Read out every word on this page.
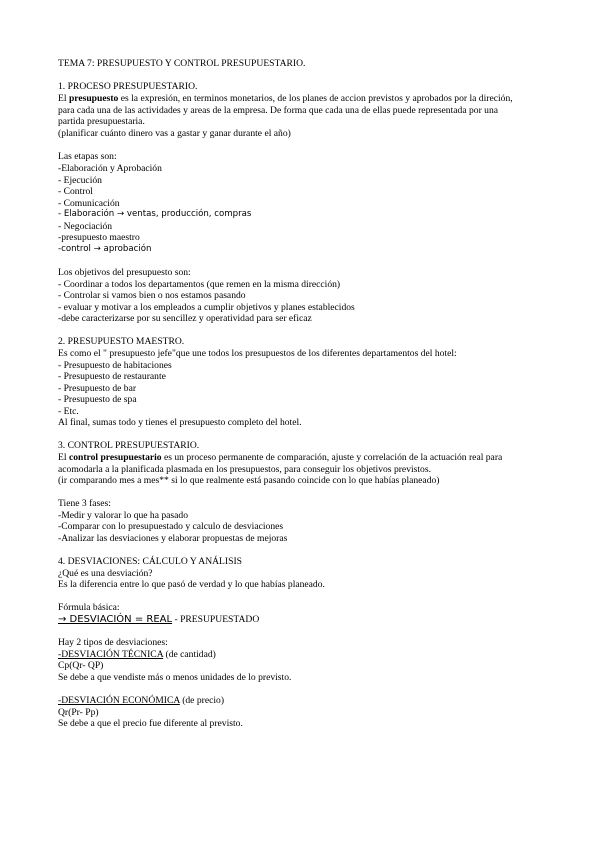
TEMA 7: PRESUPUESTO Y CONTROL PRESUPUESTARIO.
1. PROCESO PRESUPUESTARIO.
El presupuesto es la expresión, en terminos monetarios, de los planes de accion previstos y aprobados por la direción,
para cada una de las actividades y areas de la empresa. De forma que cada una de ellas puede representada por una
partida presupuestaria.
(planificar cuánto dinero vas a gastar y ganar durante el año)
Las etapas son:
-Elaboración y Aprobación
- Ejecución
- Control
- Comunicación
- Elaboración → ventas, producción, compras
- Negociación
-presupuesto maestro
-control → aprobación
Los objetivos del presupuesto son:
- Coordinar a todos los departamentos (que remen en la misma dirección)
- Controlar si vamos bien o nos estamos pasando
- evaluar y motivar a los empleados a cumplir objetivos y planes establecidos
-debe caracterizarse por su sencillez y operatividad para ser eficaz
2. PRESUPUESTO MAESTRO.
Es como el " presupuesto jefe"que une todos los presupuestos de los diferentes departamentos del hotel:
- Presupuesto de habitaciones
- Presupuesto de restaurante
- Presupuesto de bar
- Presupuesto de spa
- Etc.
Al final, sumas todo y tienes el presupuesto completo del hotel.
3. CONTROL PRESUPUESTARIO.
El control presupuestario es un proceso permanente de comparación, ajuste y correlación de la actuación real para
acomodarla a la planificada plasmada en los presupuestos, para conseguir los objetivos previstos.
(ir comparando mes a mes** si lo que realmente está pasando coincide con lo que habías planeado)
Tiene 3 fases:
-Medir y valorar lo que ha pasado
-Comparar con lo presupuestado y calculo de desviaciones
-Analizar las desviaciones y elaborar propuestas de mejoras
4. DESVIACIONES: CÁLCULO Y ANÁLISIS
¿Qué es una desviación?
Es la diferencia entre lo que pasó de verdad y lo que habías planeado.
Fórmula básica:
→ DESVIACIÓN = REAL - PRESUPUESTADO
Hay 2 tipos de desviaciones:
-DESVIACIÓN TÉCNICA (de cantidad)
Cp(Qr- QP)
Se debe a que vendiste más o menos unidades de lo previsto.
-DESVIACIÓN ECONÓMICA (de precio)
Qr(Pr- Pp)
Se debe a que el precio fue diferente al previsto.
